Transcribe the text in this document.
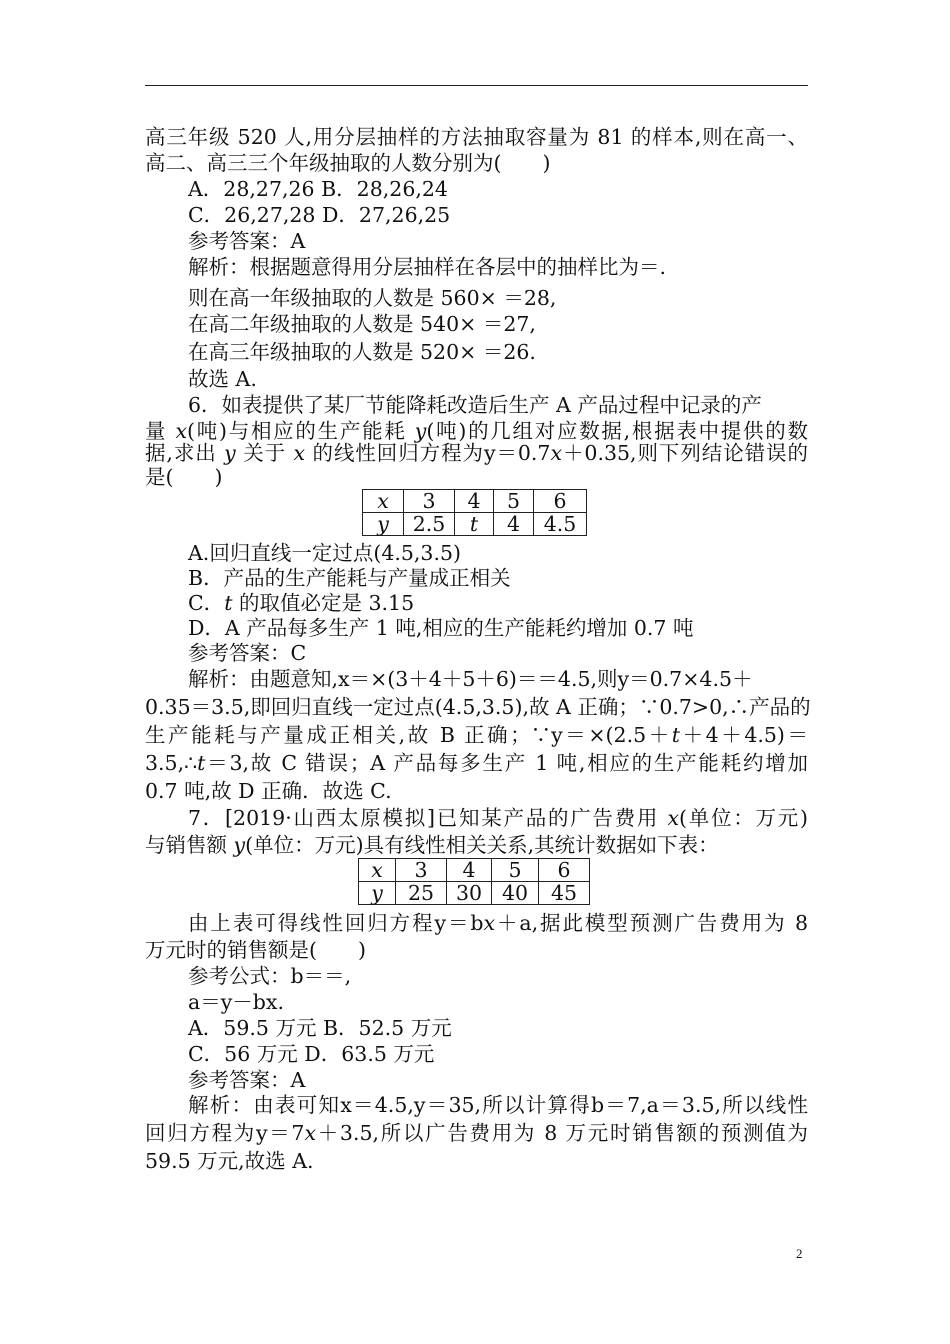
高三年级 520 人,用分层抽样的方法抽取容量为 81 的样本,则在高一、
高二、高三三个年级抽取的人数分别为(　　)
A．28,27,26 B．28,26,24
C．26,27,28 D．27,26,25
参考答案：A
解析：根据题意得用分层抽样在各层中的抽样比为＝.
则在高一年级抽取的人数是 560× ＝28,
在高二年级抽取的人数是 540× ＝27,
在高三年级抽取的人数是 520× ＝26.
故选 A.
6．如表提供了某厂节能降耗改造后生产 A 产品过程中记录的产
量 x(吨)与相应的生产能耗 y(吨)的几组对应数据,根据表中提供的数
据,求出 y 关于 x 的线性回归方程为y＝0.7x＋0.35,则下列结论错误的
是(　　)
x	3	4	5	6
y	2.5	t	4	4.5
A.回归直线一定过点(4.5,3.5)
B．产品的生产能耗与产量成正相关
C．t 的取值必定是 3.15
D．A 产品每多生产 1 吨,相应的生产能耗约增加 0.7 吨
参考答案：C
解析：由题意知,x＝×(3＋4＋5＋6)＝＝4.5,则y＝0.7×4.5＋
0.35＝3.5,即回归直线一定过点(4.5,3.5),故 A 正确；∵0.7>0,∴产品的
生产能耗与产量成正相关,故 B 正确；∵y＝×(2.5＋t＋4＋4.5)＝
3.5,∴t＝3,故 C 错误；A 产品每多生产 1 吨,相应的生产能耗约增加
0.7 吨,故 D 正确．故选 C.
7．[2019·山西太原模拟]已知某产品的广告费用 x(单位：万元)
与销售额 y(单位：万元)具有线性相关关系,其统计数据如下表：
x	3	4	5	6
y	25	30	40	45
由上表可得线性回归方程y＝bx＋a,据此模型预测广告费用为 8
万元时的销售额是(　　)
参考公式：b＝＝,
a＝y－bx.
A．59.5 万元 B．52.5 万元
C．56 万元 D．63.5 万元
参考答案：A
解析：由表可知x＝4.5,y＝35,所以计算得b＝7,a＝3.5,所以线性
回归方程为y＝7x＋3.5,所以广告费用为 8 万元时销售额的预测值为
59.5 万元,故选 A.
2
